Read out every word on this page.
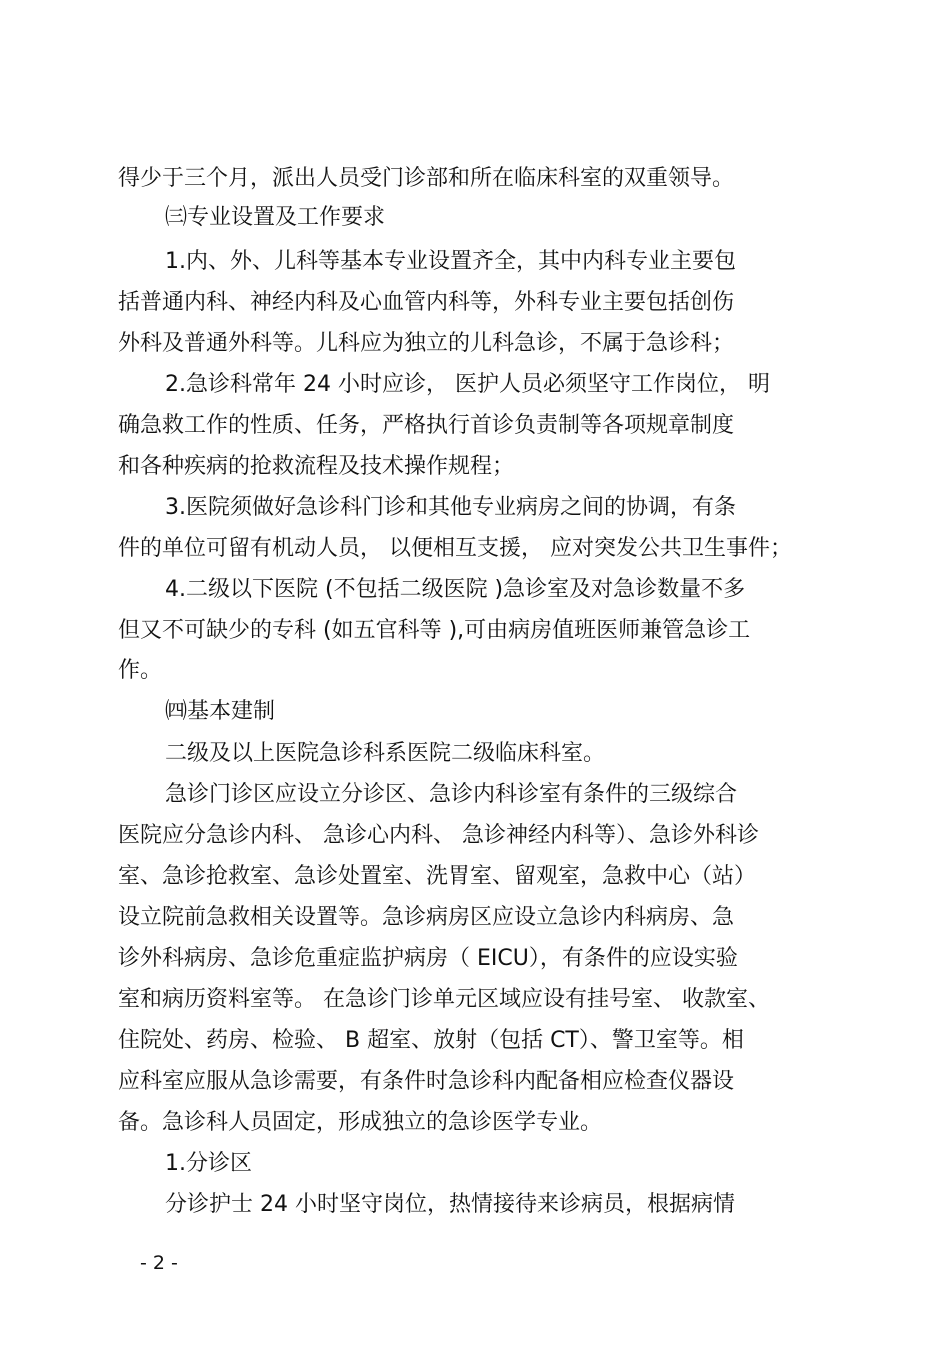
得少于三个月，派出人员受门诊部和所在临床科室的双重领导。
㈢专业设置及工作要求
1.内、外、儿科等基本专业设置齐全，其中内科专业主要包
括普通内科、神经内科及心血管内科等，外科专业主要包括创伤
外科及普通外科等。儿科应为独立的儿科急诊，不属于急诊科；
2.急诊科常年 24 小时应诊， 医护人员必须坚守工作岗位， 明
确急救工作的性质、任务，严格执行首诊负责制等各项规章制度
和各种疾病的抢救流程及技术操作规程；
3.医院须做好急诊科门诊和其他专业病房之间的协调，有条
件的单位可留有机动人员， 以便相互支援， 应对突发公共卫生事件；
4.二级以下医院 (不包括二级医院 )急诊室及对急诊数量不多
但又不可缺少的专科 (如五官科等 ),可由病房值班医师兼管急诊工
作。
㈣基本建制
二级及以上医院急诊科系医院二级临床科室。
急诊门诊区应设立分诊区、急诊内科诊室有条件的三级综合
医院应分急诊内科、 急诊心内科、 急诊神经内科等）、急诊外科诊
室、急诊抢救室、急诊处置室、洗胃室、留观室，急救中心（站）
设立院前急救相关设置等。急诊病房区应设立急诊内科病房、急
诊外科病房、急诊危重症监护病房（ EICU），有条件的应设实验
室和病历资料室等。 在急诊门诊单元区域应设有挂号室、 收款室、
住院处、药房、检验、 B 超室、放射（包括 CT）、警卫室等。相
应科室应服从急诊需要，有条件时急诊科内配备相应检查仪器设
备。急诊科人员固定，形成独立的急诊医学专业。
1.分诊区
分诊护士 24 小时坚守岗位，热情接待来诊病员，根据病情
- 2 -
